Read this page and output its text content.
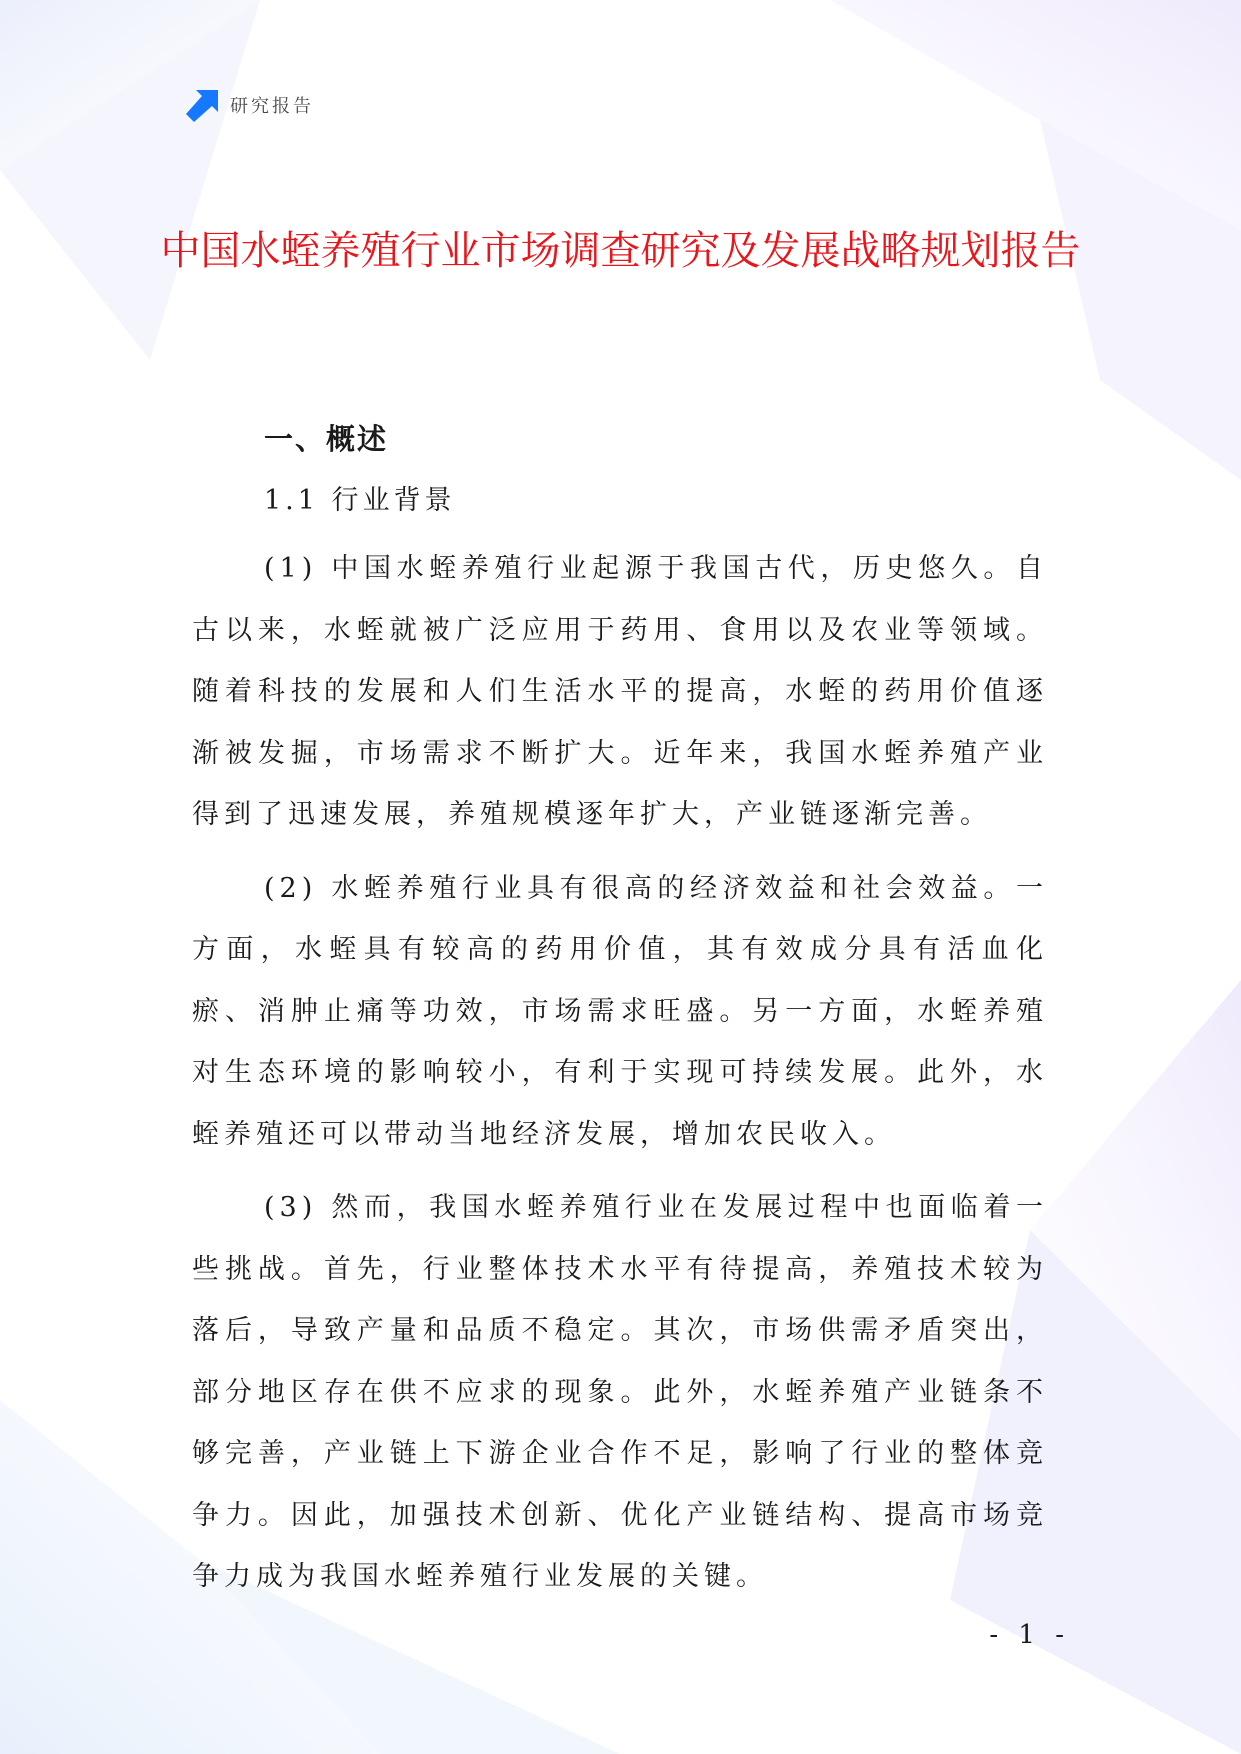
研究报告
中国水蛭养殖行业市场调查研究及发展战略规划报告
一、概述
1.1 行业背景

(1) 中国水蛭养殖行业起源于我国古代，历史悠久。自古以来，水蛭就被广泛应用于药用、食用以及农业等领域。随着科技的发展和人们生活水平的提高，水蛭的药用价值逐渐被发掘，市场需求不断扩大。近年来，我国水蛭养殖产业得到了迅速发展，养殖规模逐年扩大，产业链逐渐完善。

(2) 水蛭养殖行业具有很高的经济效益和社会效益。一方面，水蛭具有较高的药用价值，其有效成分具有活血化瘀、消肿止痛等功效，市场需求旺盛。另一方面，水蛭养殖对生态环境的影响较小，有利于实现可持续发展。此外，水蛭养殖还可以带动当地经济发展，增加农民收入。

(3) 然而，我国水蛭养殖行业在发展过程中也面临着一些挑战。首先，行业整体技术水平有待提高，养殖技术较为落后，导致产量和品质不稳定。其次，市场供需矛盾突出，部分地区存在供不应求的现象。此外，水蛭养殖产业链条不够完善，产业链上下游企业合作不足，影响了行业的整体竞争力。因此，加强技术创新、优化产业链结构、提高市场竞争力成为我国水蛭养殖行业发展的关键。

- 1 -
